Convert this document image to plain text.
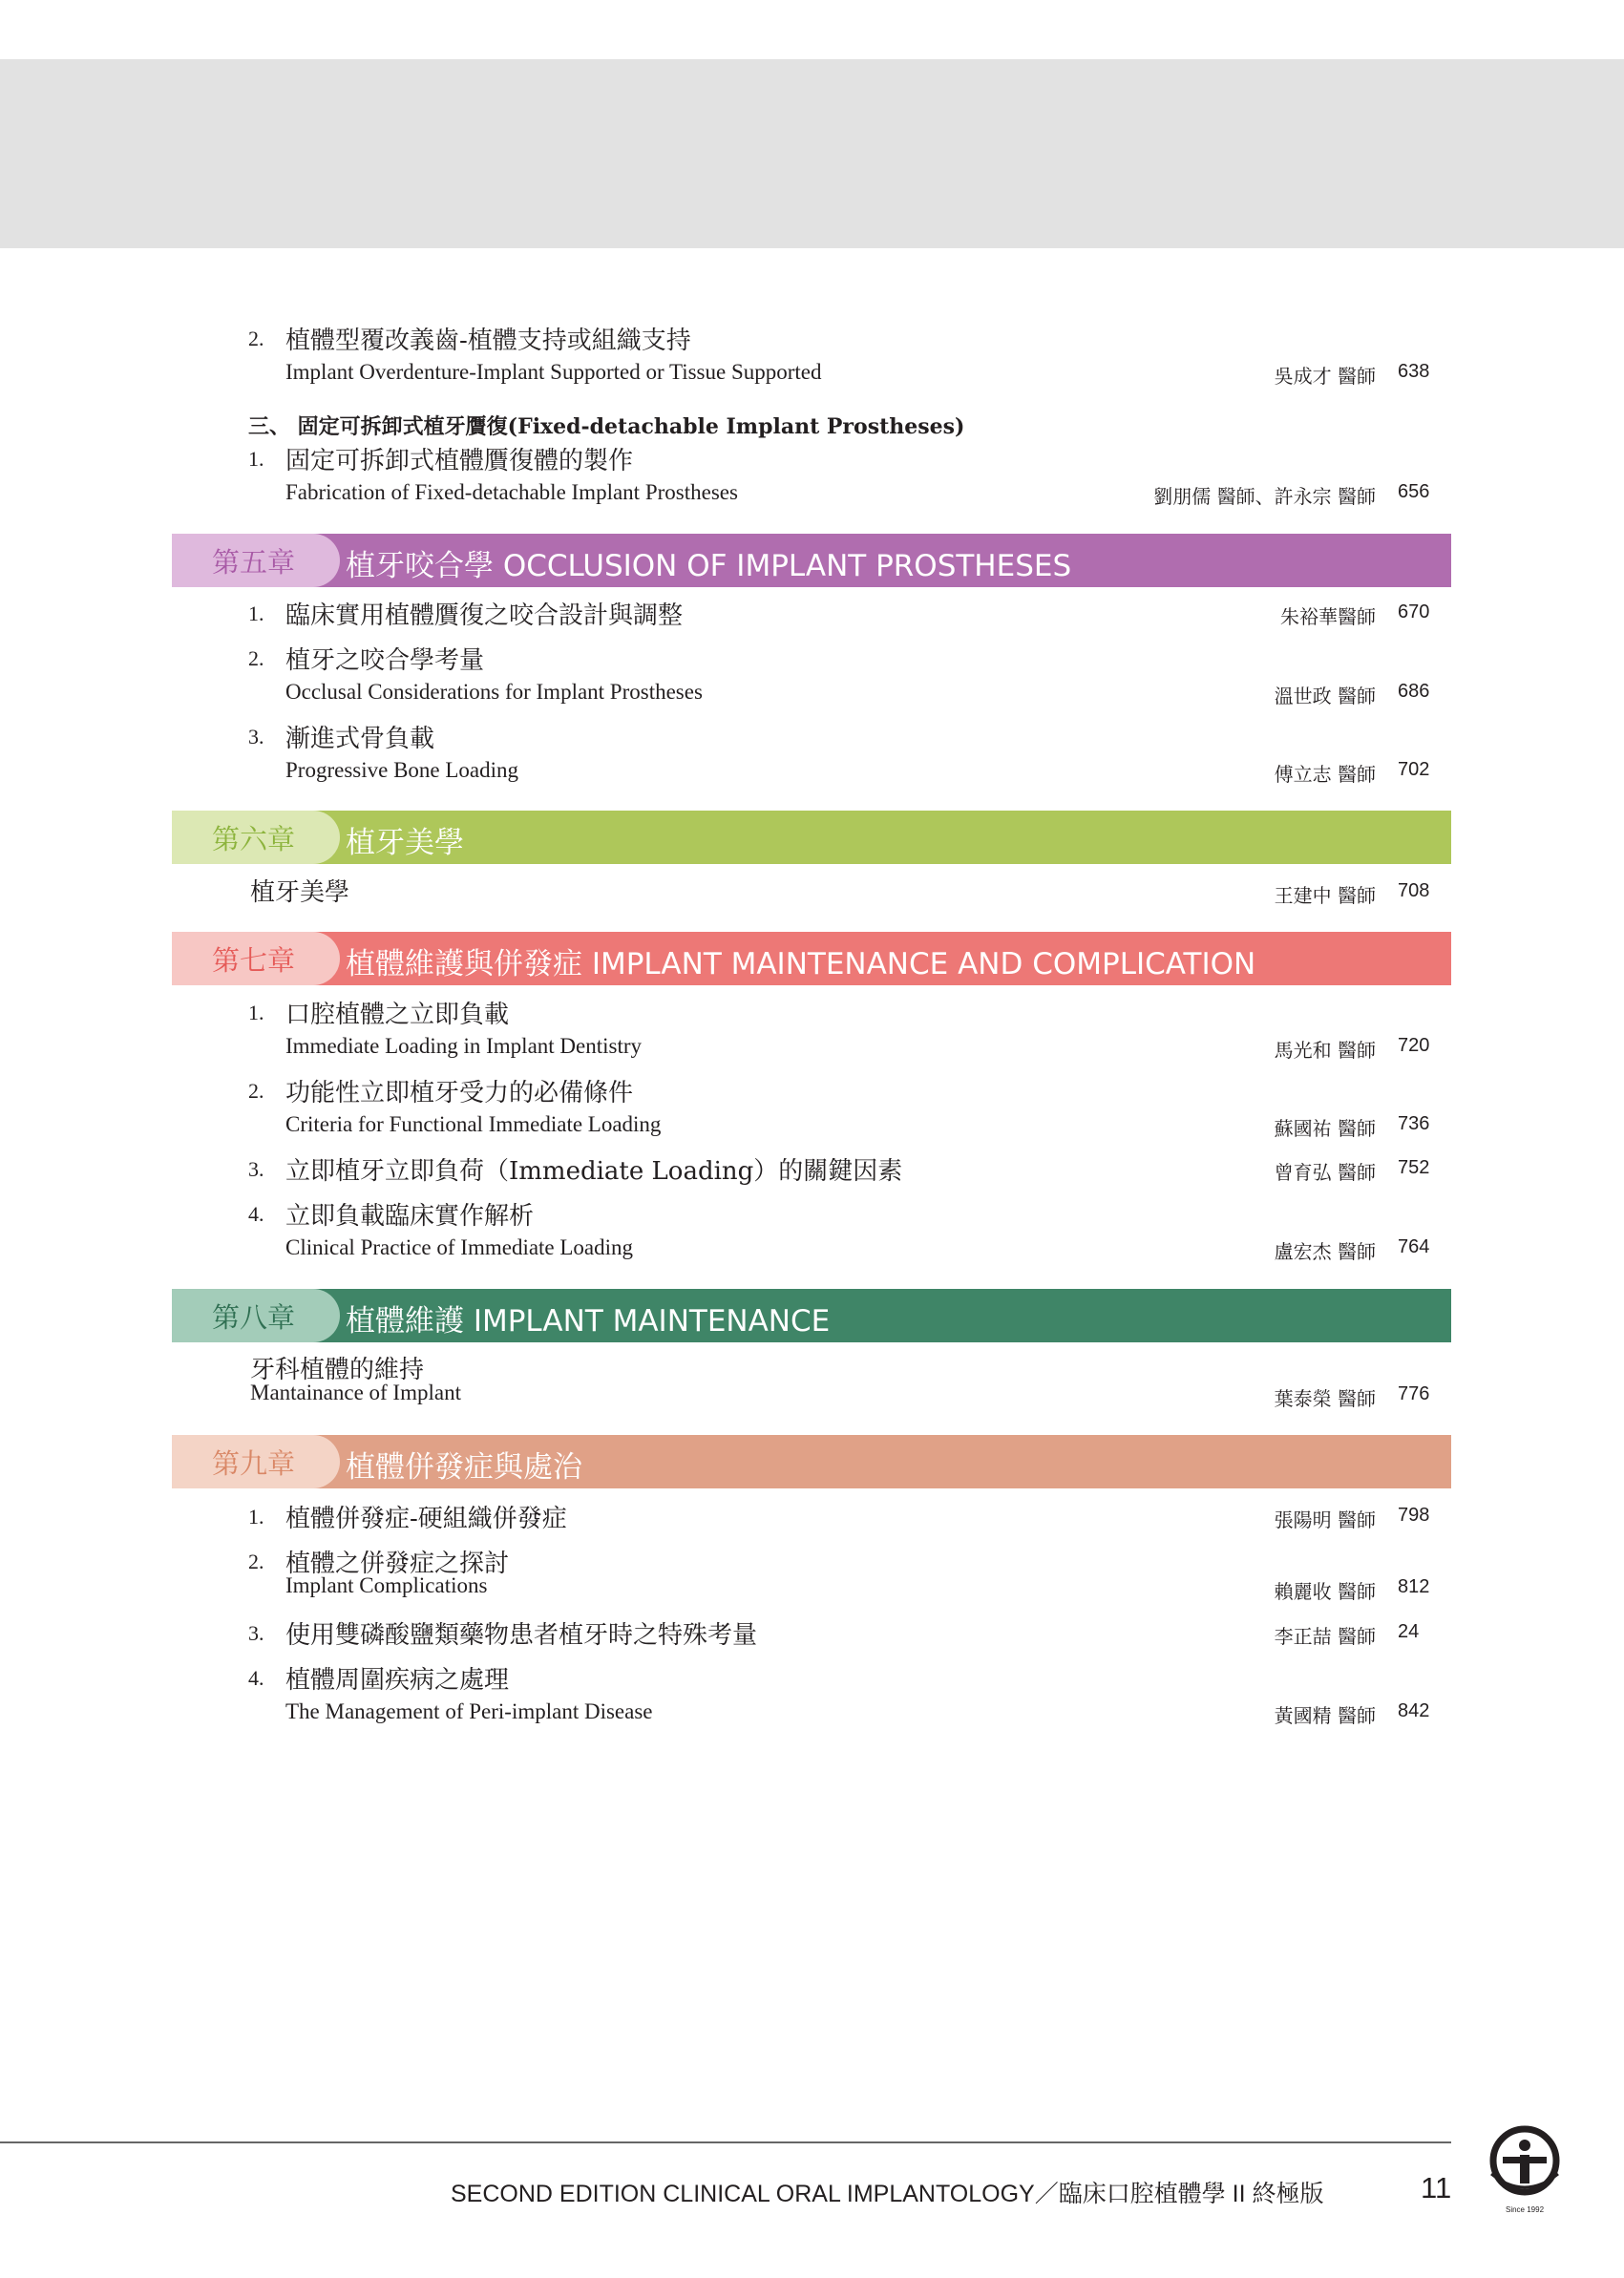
2. 植體型覆改義齒-植體支持或組織支持
Implant Overdenture-Implant Supported or Tissue Supported	吳成才 醫師 638
三、 固定可拆卸式植牙贋復(Fixed-detachable Implant Prostheses)
1. 固定可拆卸式植體贋復體的製作
Fabrication of Fixed-detachable Implant Prostheses	劉朋儒 醫師、許永宗 醫師 656
第五章 植牙咬合學 OCCLUSION OF IMPLANT PROSTHESES
1. 臨床實用植體贋復之咬合設計與調整	朱裕華醫師 670
2. 植牙之咬合學考量
Occlusal Considerations for Implant Prostheses	溫世政 醫師 686
3. 漸進式骨負載
Progressive Bone Loading	傅立志 醫師 702
第六章 植牙美學
植牙美學	王建中 醫師 708
第七章 植體維護與併發症 IMPLANT MAINTENANCE AND COMPLICATION
1. 口腔植體之立即負載
Immediate Loading in Implant Dentistry	馬光和 醫師 720
2. 功能性立即植牙受力的必備條件
Criteria for Functional Immediate Loading	蘇國祐 醫師 736
3. 立即植牙立即負荷（Immediate Loading）的關鍵因素	曾育弘 醫師 752
4. 立即負載臨床實作解析
Clinical Practice of Immediate Loading	盧宏杰 醫師 764
第八章 植體維護 IMPLANT MAINTENANCE
牙科植體的維持
Mantainance of Implant	葉泰榮 醫師 776
第九章 植體併發症與處治
1. 植體併發症-硬組織併發症	張陽明 醫師 798
2. 植體之併發症之探討
Implant Complications	賴麗收 醫師 812
3. 使用雙磷酸鹽類藥物患者植牙時之特殊考量	李正喆 醫師 24
4. 植體周圍疾病之處理
The Management of Peri-implant Disease	黃國精 醫師 842
SECOND EDITION CLINICAL ORAL IMPLANTOLOGY／臨床口腔植體學 II 終極版	11
Since 1992
